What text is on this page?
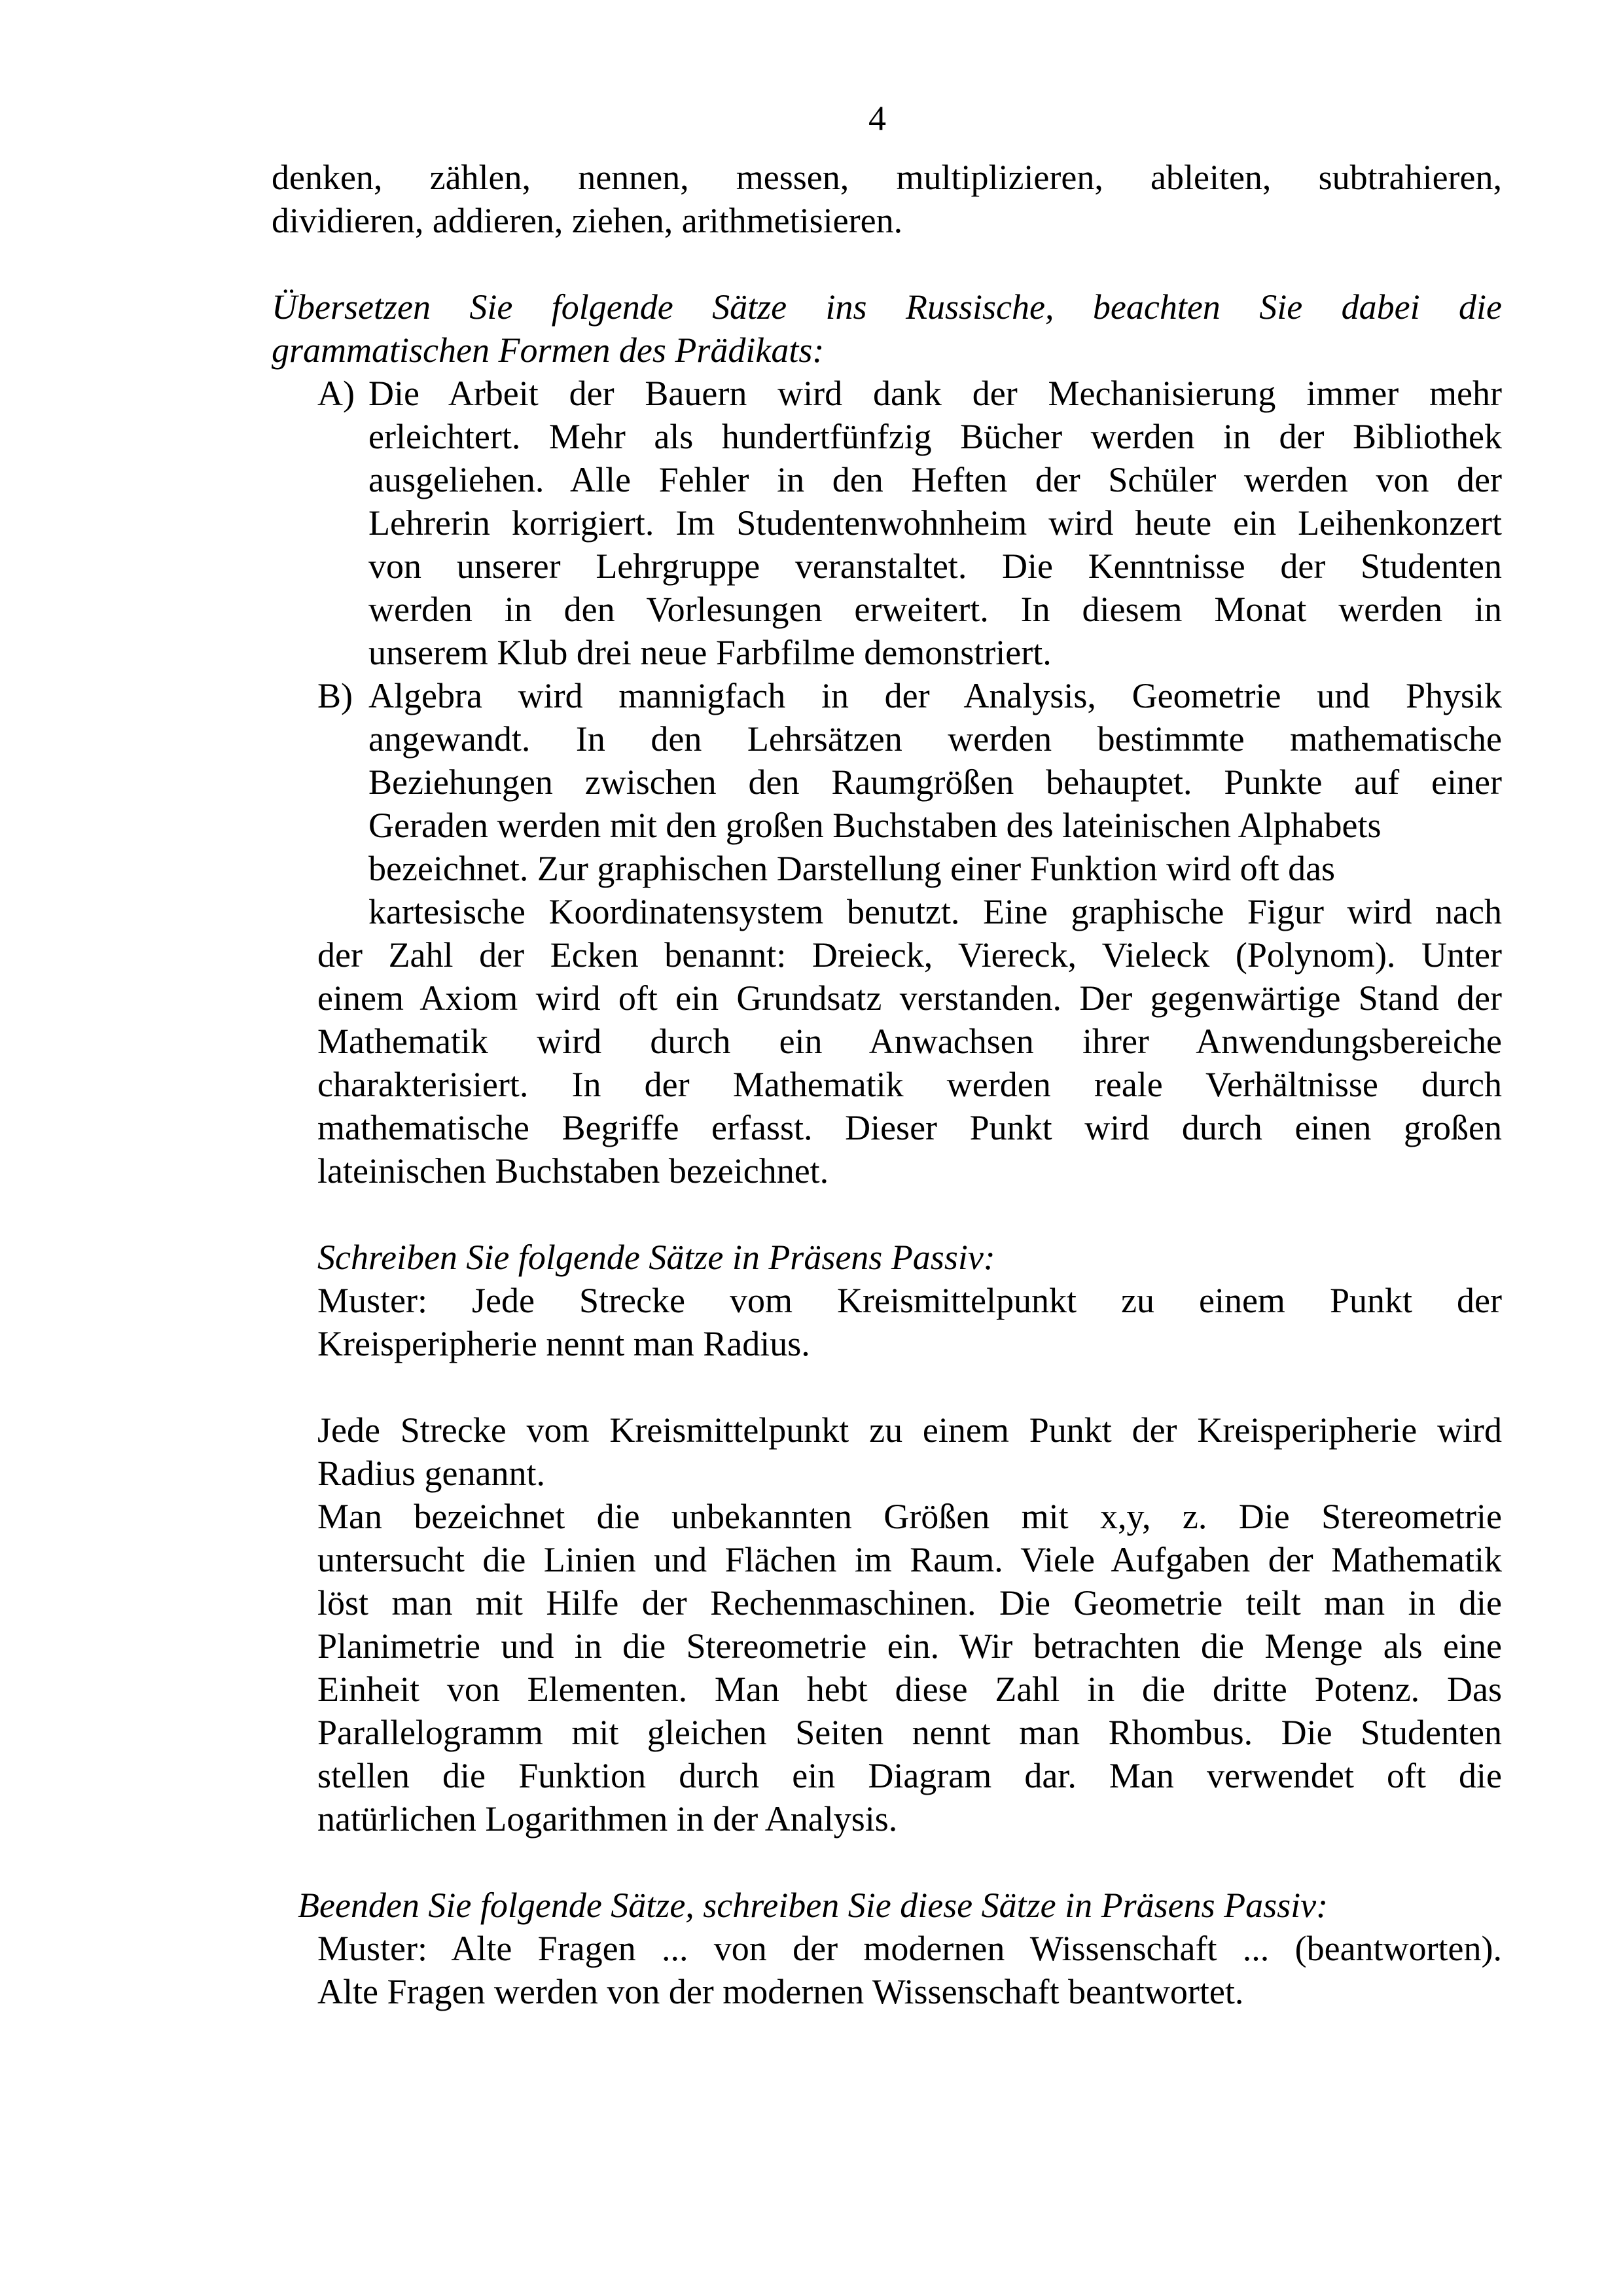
4
denken, zählen, nennen, messen, multiplizieren, ableiten, subtrahieren,
dividieren, addieren, ziehen, arithmetisieren.
Übersetzen Sie folgende Sätze ins Russische, beachten Sie dabei die
grammatischen Formen des Prädikats:
A) Die Arbeit der Bauern wird dank der Mechanisierung immer mehr
erleichtert. Mehr als hundertfünfzig Bücher werden in der Bibliothek
ausgeliehen. Alle Fehler in den Heften der Schüler werden von der
Lehrerin korrigiert. Im Studentenwohnheim wird heute ein Leihenkonzert
von unserer Lehrgruppe veranstaltet. Die Kenntnisse der Studenten
werden in den Vorlesungen erweitert. In diesem Monat werden in
unserem Klub drei neue Farbfilme demonstriert.
B) Algebra wird mannigfach in der Analysis, Geometrie und Physik
angewandt. In den Lehrsätzen werden bestimmte mathematische
Beziehungen zwischen den Raumgrößen behauptet. Punkte auf einer
Geraden werden mit den großen Buchstaben des lateinischen Alphabets
bezeichnet. Zur graphischen Darstellung einer Funktion wird oft das
kartesische Koordinatensystem benutzt. Eine graphische Figur wird nach
der Zahl der Ecken benannt: Dreieck, Viereck, Vieleck (Polynom). Unter
einem Axiom wird oft ein Grundsatz verstanden. Der gegenwärtige Stand der
Mathematik wird durch ein Anwachsen ihrer Anwendungsbereiche
charakterisiert. In der Mathematik werden reale Verhältnisse durch
mathematische Begriffe erfasst. Dieser Punkt wird durch einen großen
lateinischen Buchstaben bezeichnet.
Schreiben Sie folgende Sätze in Präsens Passiv:
Muster: Jede Strecke vom Kreismittelpunkt zu einem Punkt der
Kreisperipherie nennt man Radius.
Jede Strecke vom Kreismittelpunkt zu einem Punkt der Kreisperipherie wird
Radius genannt.
Man bezeichnet die unbekannten Größen mit x,y, z. Die Stereometrie
untersucht die Linien und Flächen im Raum. Viele Aufgaben der Mathematik
löst man mit Hilfe der Rechenmaschinen. Die Geometrie teilt man in die
Planimetrie und in die Stereometrie ein. Wir betrachten die Menge als eine
Einheit von Elementen. Man hebt diese Zahl in die dritte Potenz. Das
Parallelogramm mit gleichen Seiten nennt man Rhombus. Die Studenten
stellen die Funktion durch ein Diagram dar. Man verwendet oft die
natürlichen Logarithmen in der Analysis.
Beenden Sie folgende Sätze, schreiben Sie diese Sätze in Präsens Passiv:
Muster: Alte Fragen ... von der modernen Wissenschaft ... (beantworten).
Alte Fragen werden von der modernen Wissenschaft beantwortet.
